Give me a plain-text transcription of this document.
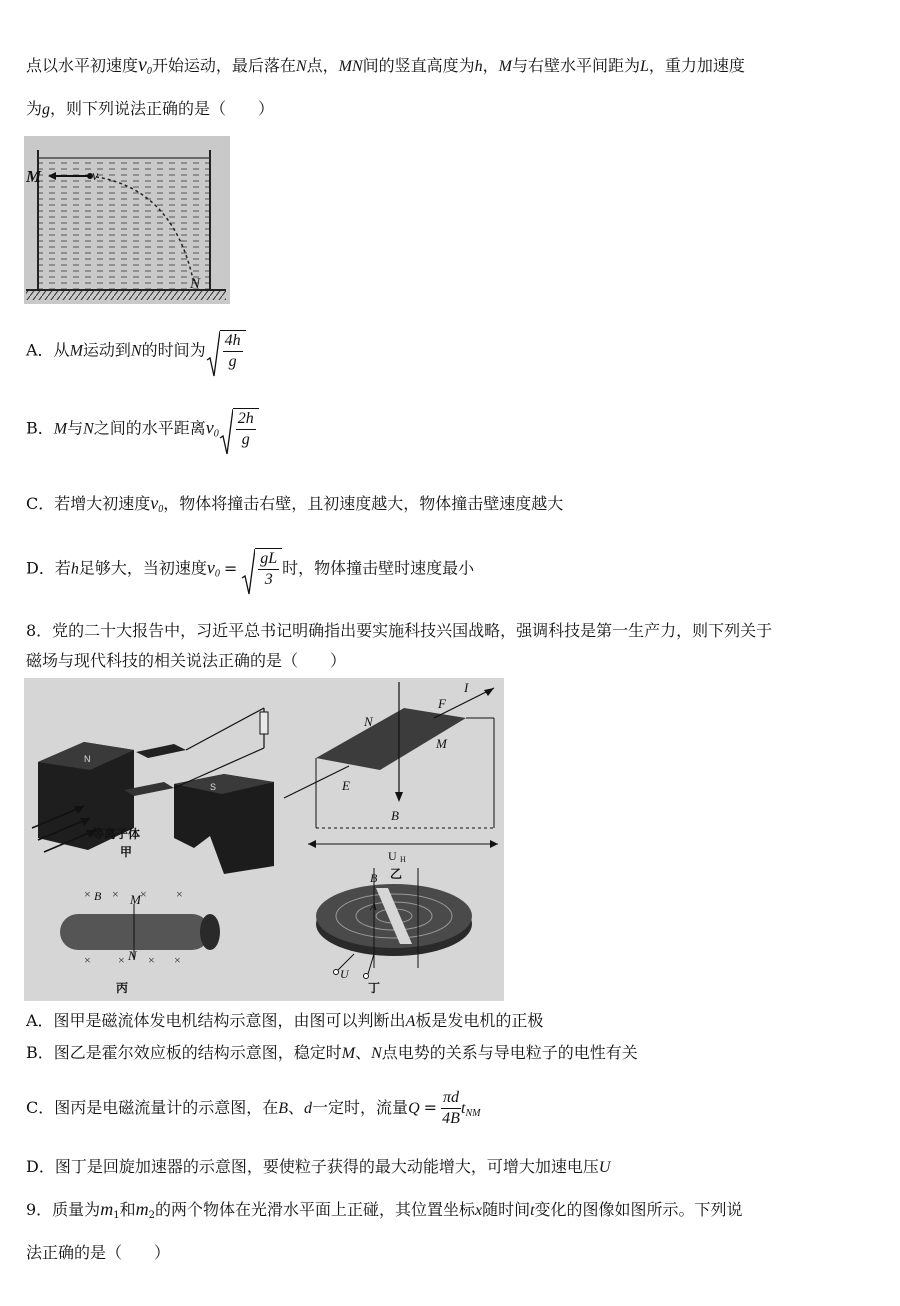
点以水平初速度$v_0$开始运动，最后落在N点，MN间的竖直高度为h，M与右壁水平间距为L，重力加速度
为g，则下列说法正确的是（　　）
M	v
N
A．从M运动到N的时间为 $\frac{4h}{g}$
B．M与N之间的水平距离$v_0 \frac{2h}{g}$
C．若增大初速度$v_0$，物体将撞击右壁，且初速度越大，物体撞击壁速度越大
D．若h足够大，当初速度$v_0 = \frac{gL}{3}$ 时，物体撞击壁时速度最小
8．党的二十大报告中，习近平总书记明确指出要实施科技兴国战略，强调科技是第一生产力，则下列关于
磁场与现代科技的相关说法正确的是（　　）
N
S
等离子体
甲
I
F
N
M
E
B
U H
乙
× × × ×
× × × ×
B M
N
丙
B
A
U
丁
A．图甲是磁流体发电机结构示意图，由图可以判断出A板是发电机的正极
B．图乙是霍尔效应板的结构示意图，稳定时M、N点电势的关系与导电粒子的电性有关
C．图丙是电磁流量计的示意图，在B、d一定时，流量$Q = \frac{\pi d}{4B} t_{NM}$
D．图丁是回旋加速器的示意图，要使粒子获得的最大动能增大，可增大加速电压U
9．质量为$m_1$和$m_2$的两个物体在光滑水平面上正碰，其位置坐标x随时间t变化的图像如图所示。下列说
法正确的是（　　）
